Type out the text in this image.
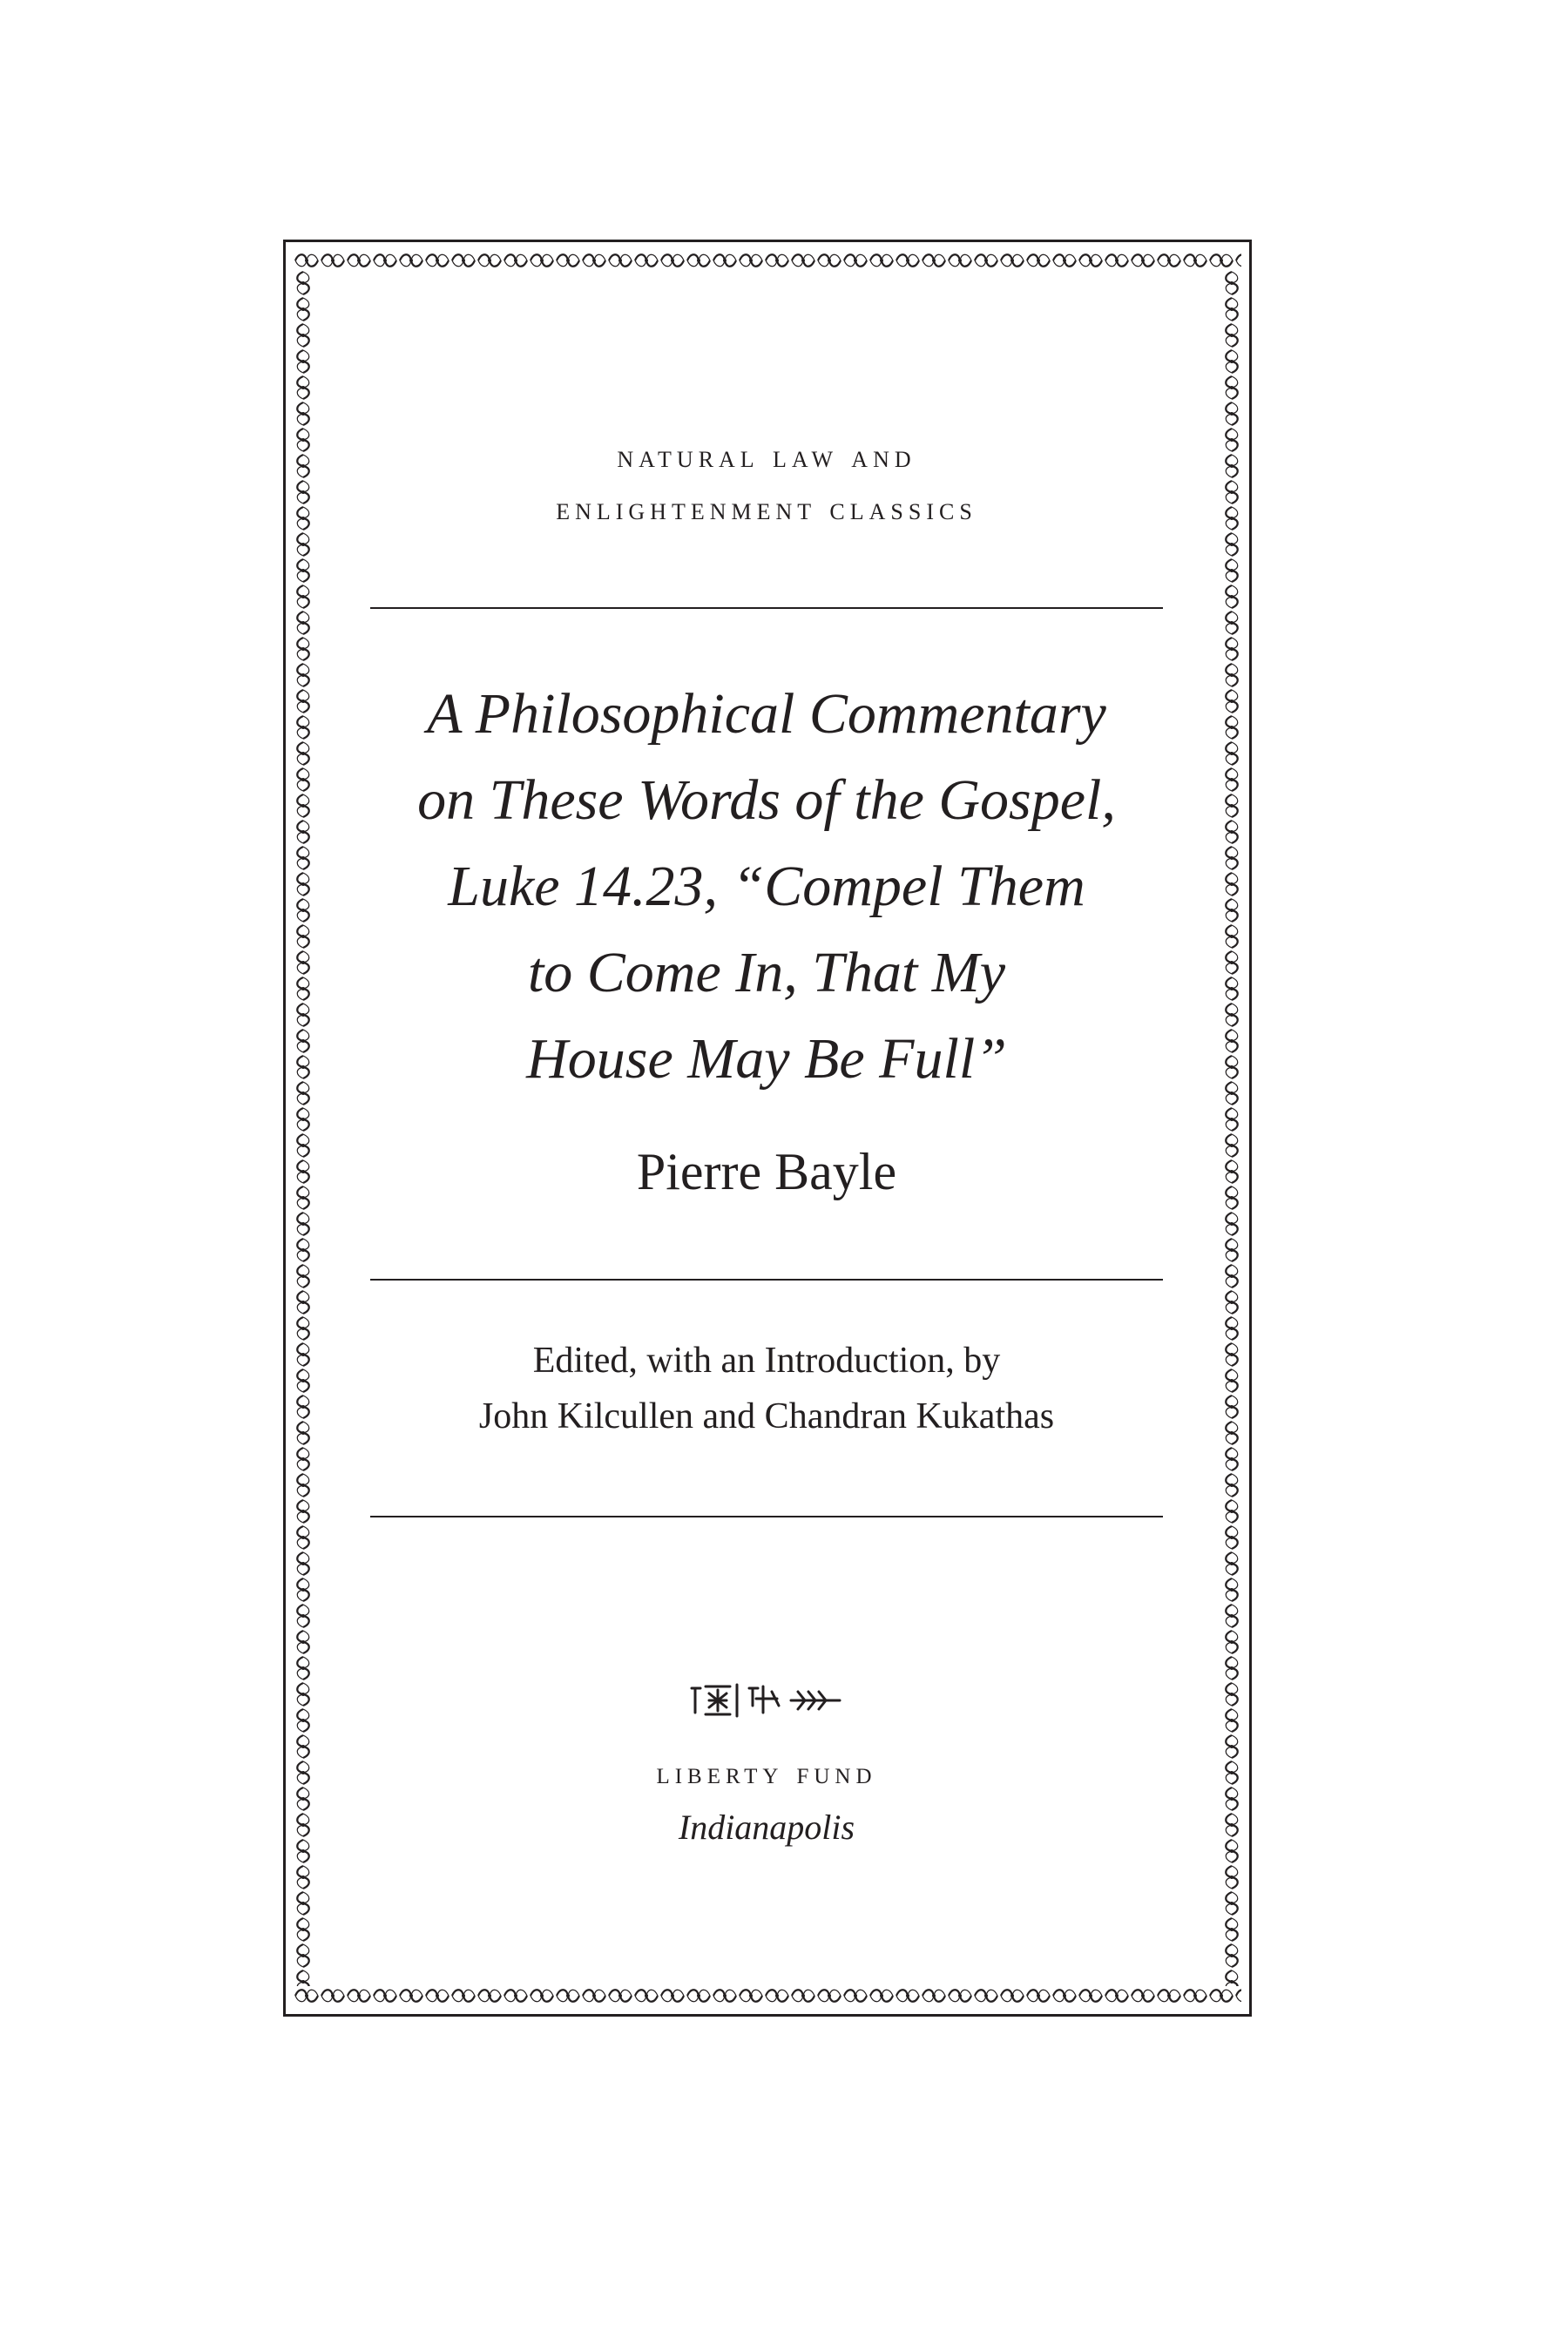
natural law and
enlightenment classics
A Philosophical Commentary
on These Words of the Gospel,
Luke 14.23, “Compel Them
to Come In, That My
House May Be Full”
Pierre Bayle
Edited, with an Introduction, by
John Kilcullen and Chandran Kukathas
liberty fund
Indianapolis
